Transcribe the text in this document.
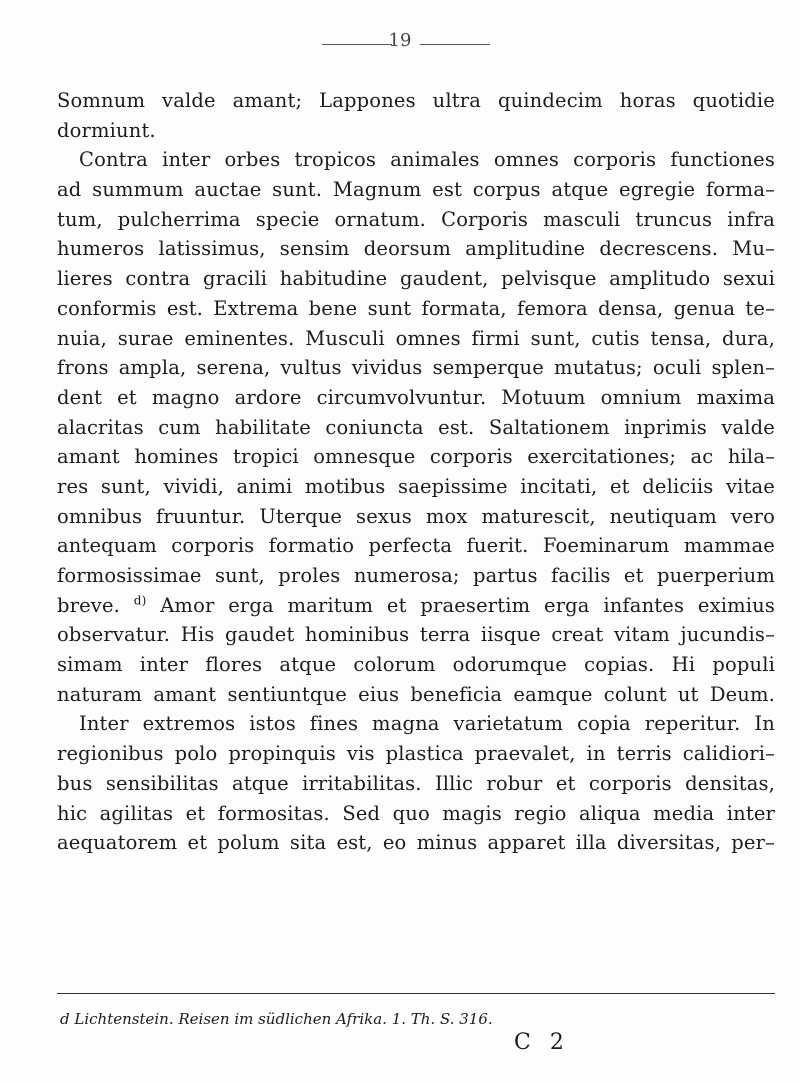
19
Somnum valde amant; Lappones ultra quindecim horas quotidie
dormiunt.
Contra inter orbes tropicos animales omnes corporis functiones
ad summum auctae sunt. Magnum est corpus atque egregie forma–
tum, pulcherrima specie ornatum. Corporis masculi truncus infra
humeros latissimus, sensim deorsum amplitudine decrescens. Mu–
lieres contra gracili habitudine gaudent, pelvisque amplitudo sexui
conformis est. Extrema bene sunt formata, femora densa, genua te–
nuia, surae eminentes. Musculi omnes firmi sunt, cutis tensa, dura,
frons ampla, serena, vultus vividus semperque mutatus; oculi splen–
dent et magno ardore circumvolvuntur. Motuum omnium maxima
alacritas cum habilitate coniuncta est. Saltationem inprimis valde
amant homines tropici omnesque corporis exercitationes; ac hila–
res sunt, vividi, animi motibus saepissime incitati, et deliciis vitae
omnibus fruuntur. Uterque sexus mox maturescit, neutiquam vero
antequam corporis formatio perfecta fuerit. Foeminarum mammae
formosissimae sunt, proles numerosa; partus facilis et puerperium
breve. $^{d)}$ Amor erga maritum et praesertim erga infantes eximius
observatur. His gaudet hominibus terra iisque creat vitam jucundis–
simam inter flores atque colorum odorumque copias. Hi populi
naturam amant sentiuntque eius beneficia eamque colunt ut Deum.
Inter extremos istos fines magna varietatum copia reperitur. In
regionibus polo propinquis vis plastica praevalet, in terris calidiori–
bus sensibilitas atque irritabilitas. Illic robur et corporis densitas,
hic agilitas et formositas. Sed quo magis regio aliqua media inter
aequatorem et polum sita est, eo minus apparet illa diversitas, per–
d Lichtenstein. Reisen im südlichen Afrika. 1. Th. S. 316.
C 2
